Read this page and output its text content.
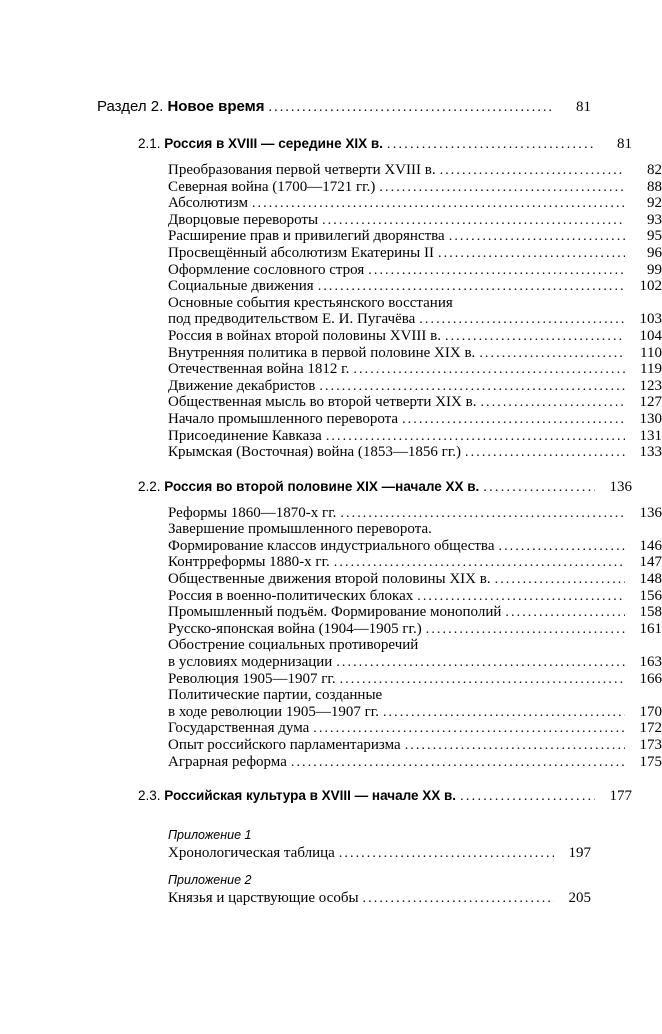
Раздел 2. Новое время .....	81
2.1. Россия в XVIII — середине XIX в. .....	81
Преобразования первой четверти XVIII в. .....	82
Северная война (1700—1721 гг.) .....	88
Абсолютизм .....	92
Дворцовые перевороты .....	93
Расширение прав и привилегий дворянства .....	95
Просвещённый абсолютизм Екатерины II .....	96
Оформление сословного строя .....	99
Социальные движения .....	102
Основные события крестьянского восстания
под предводительством Е. И. Пугачёва .....	103
Россия в войнах второй половины XVIII в. .....	104
Внутренняя политика в первой половине XIX в. .....	110
Отечественная война 1812 г. .....	119
Движение декабристов .....	123
Общественная мысль во второй четверти XIX в. .....	127
Начало промышленного переворота .....	130
Присоединение Кавказа .....	131
Крымская (Восточная) война (1853—1856 гг.) .....	133
2.2. Россия во второй половине XIX —начале XX в. .....	136
Реформы 1860—1870-х гг. .....	136
Завершение промышленного переворота.
Формирование классов индустриального общества .....	146
Контрреформы 1880-х гг. .....	147
Общественные движения второй половины XIX в. .....	148
Россия в военно-политических блоках .....	156
Промышленный подъём. Формирование монополий .....	158
Русско-японская война (1904—1905 гг.) .....	161
Обострение социальных противоречий
в условиях модернизации .....	163
Революция 1905—1907 гг. .....	166
Политические партии, созданные
в ходе революции 1905—1907 гг. .....	170
Государственная дума .....	172
Опыт российского парламентаризма .....	173
Аграрная реформа .....	175
2.3. Российская культура в XVIII — начале XX в. .....	177
Приложение 1
Хронологическая таблица .....	197
Приложение 2
Князья и царствующие особы .....	205
